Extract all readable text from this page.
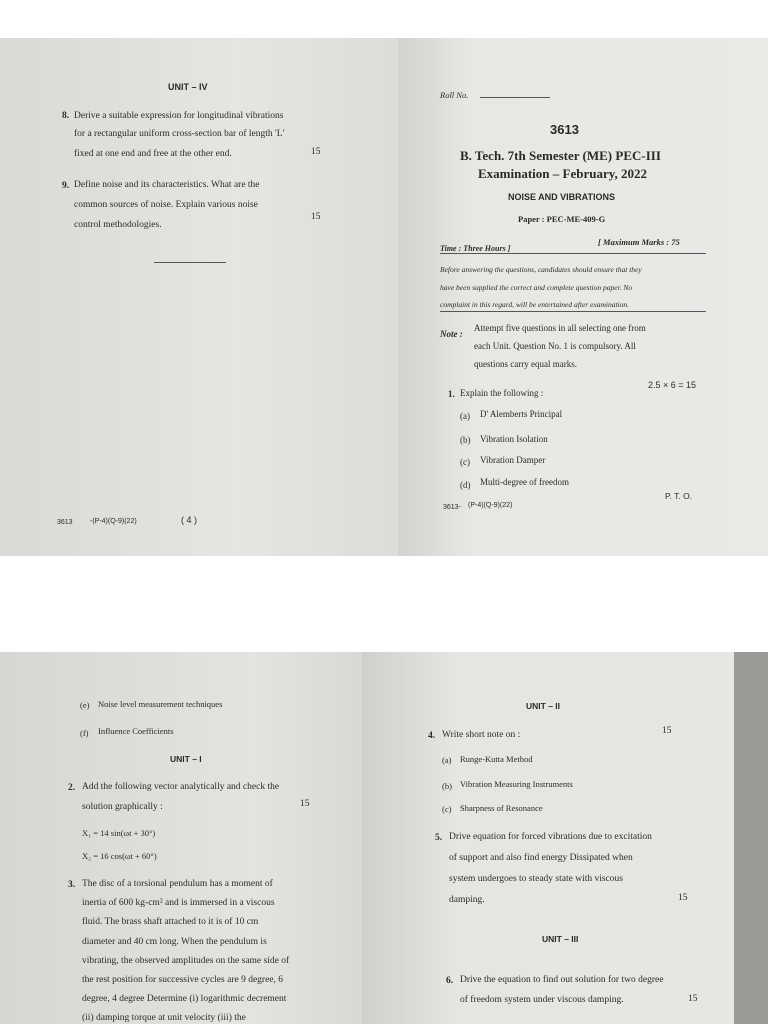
UNIT – IV
8. Derive a suitable expression for longitudinal vibrations
for a rectangular uniform cross-section bar of length 'L'
fixed at one end and free at the other end.	15
9. Define noise and its characteristics. What are the
common sources of noise. Explain various noise
control methodologies.
15
3613 -(P-4)(Q-9)(22)	( 4 )
Roll No.
3613
B. Tech. 7th Semester (ME) PEC-III
Examination – February, 2022
NOISE AND VIBRATIONS
Paper : PEC-ME-409-G
Time : Three Hours ]
[ Maximum Marks : 75
Before answering the questions, candidates should ensure that they
have been supplied the correct and complete question paper. No
complaint in this regard, will be entertained after examination.
Note :
Attempt five questions in all selecting one from
each Unit. Question No. 1 is compulsory. All
questions carry equal marks.
1. Explain the following :
2.5 × 6 = 15
(a) D' Alemberts Principal
(b) Vibration Isolation
(c) Vibration Damper
(d) Multi-degree of freedom
3613- (P-4)(Q-9)(22)
P. T. O.
(e) Noise level measurement techniques
(f) Influence Coefficients
UNIT – I
2. Add the following vector analytically and check the
solution graphically :	15
X₁ = 14 sin(ωt + 30°)
X₂ = 16 cos(ωt + 60°)
3. The disc of a torsional pendulum has a moment of
inertia of 600 kg-cm² and is immersed in a viscous
fluid. The brass shaft attached to it is of 10 cm
diameter and 40 cm long. When the pendulum is
vibrating, the observed amplitudes on the same side of
the rest position for successive cycles are 9 degree, 6
degree, 4 degree Determine (i) logarithmic decrement
(ii) damping torque at unit velocity (iii) the
UNIT – II
4. Write short note on :	15
(a) Runge-Kutta Method
(b) Vibration Measuring Instruments
(c) Sharpness of Resonance
5. Drive equation for forced vibrations due to excitation
of support and also find energy Dissipated when
system undergoes to steady state with viscous
damping.	15
UNIT – III
6. Drive the equation to find out solution for two degree
of freedom system under viscous damping.	15
